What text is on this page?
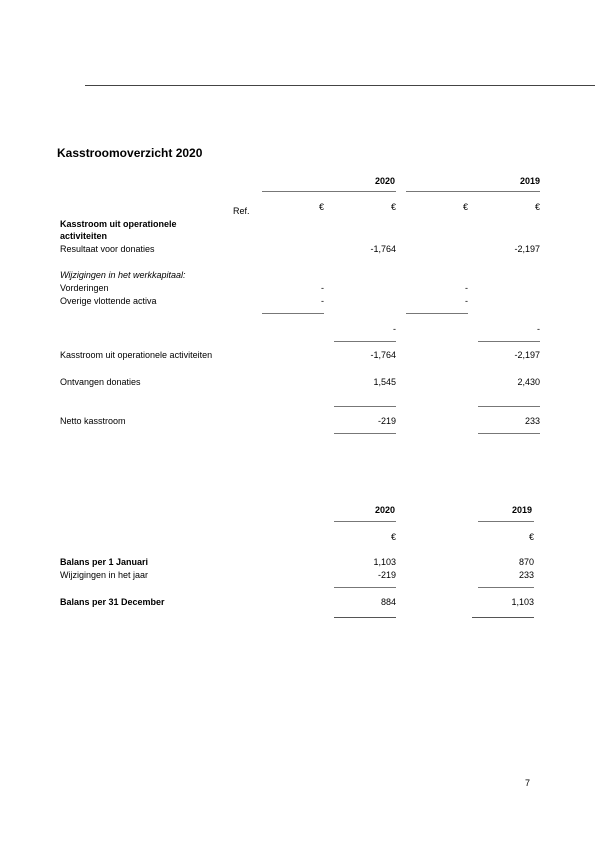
Kasstroomoverzicht 2020
2020	2019
Ref.	€	€	€	€
Kasstroom uit operationele
activiteiten
Resultaat voor donaties	-1,764	-2,197
Wijzigingen in het werkkapitaal:
Vorderingen	-	-
Overige vlottende activa	-	-
-	-
Kasstroom uit operationele activiteiten	-1,764	-2,197
Ontvangen donaties	1,545	2,430
Netto kasstroom	-219	233
2020	2019
€	€
Balans per 1 Januari	1,103	870
Wijzigingen in het jaar	-219	233
Balans per 31 December	884	1,103
7
